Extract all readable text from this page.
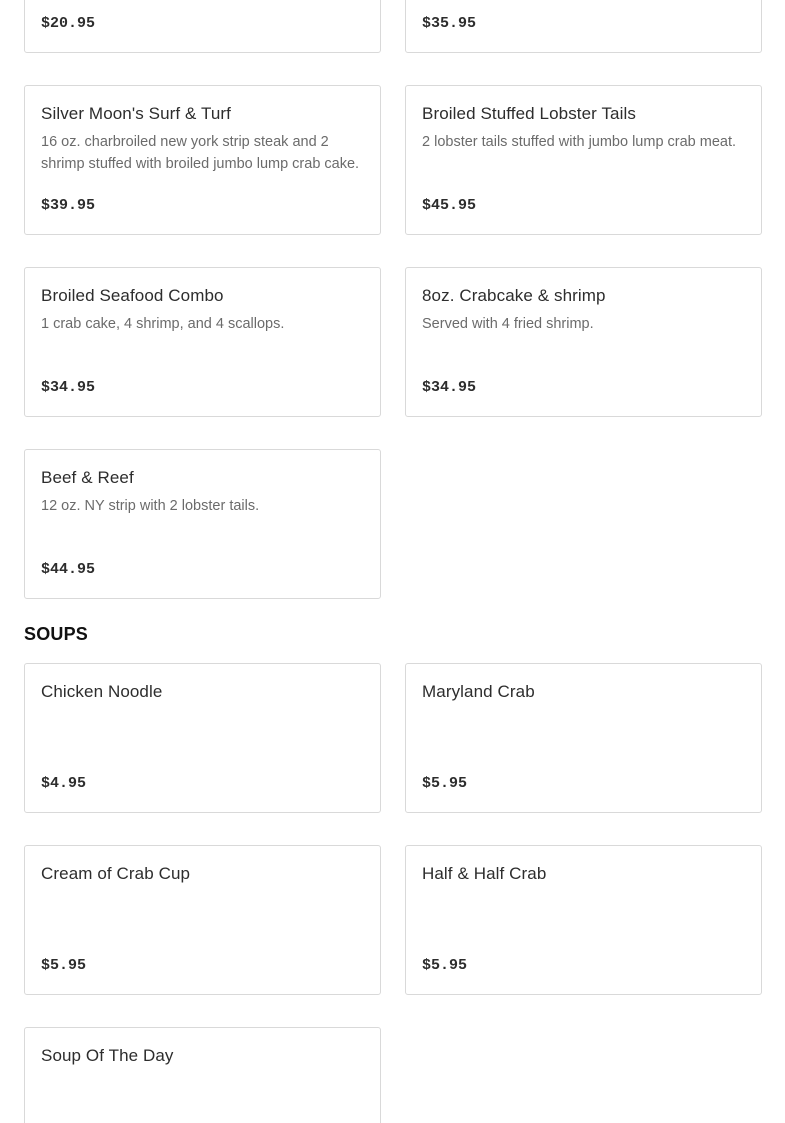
$20.95	$35.95
Silver Moon's Surf & Turf
16 oz. charbroiled new york strip steak and 2 shrimp stuffed with broiled jumbo lump crab cake.
$39.95
Broiled Stuffed Lobster Tails
2 lobster tails stuffed with jumbo lump crab meat.
$45.95
Broiled Seafood Combo
1 crab cake, 4 shrimp, and 4 scallops.
$34.95
8oz. Crabcake & shrimp
Served with 4 fried shrimp.
$34.95
Beef & Reef
12 oz. NY strip with 2 lobster tails.
$44.95
SOUPS
Chicken Noodle
$4.95
Maryland Crab
$5.95
Cream of Crab Cup
$5.95
Half & Half Crab
$5.95
Soup Of The Day
